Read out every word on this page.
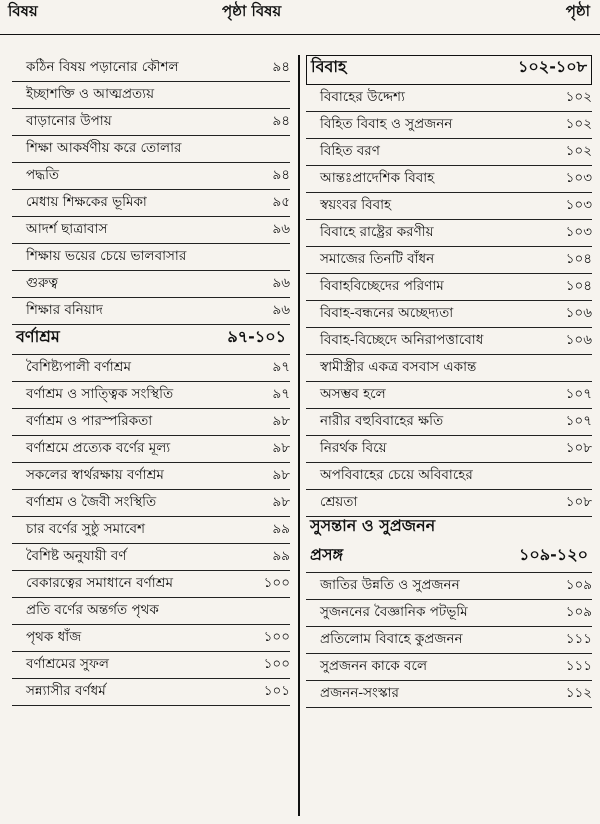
বিষয়	পৃষ্ঠা বিষয়	পৃষ্ঠা
কঠিন বিষয় পড়ানোর কৌশল	৯৪
ইচ্ছাশক্তি ও আত্মপ্রত্যয়
বাড়ানোর উপায়	৯৪
শিক্ষা আকর্ষণীয় করে তোলার
পদ্ধতি	৯৪
মেধায় শিক্ষকের ভূমিকা	৯৫
আদর্শ ছাত্রাবাস	৯৬
শিক্ষায় ভয়ের চেয়ে ভালবাসার
গুরুত্ব	৯৬
শিক্ষার বনিয়াদ	৯৬
বর্ণাশ্রম	৯৭-১০১
বৈশিষ্ট্যপালী বর্ণাশ্রম	৯৭
বর্ণাশ্রম ও সাত্ত্বিক সংস্থিতি	৯৭
বর্ণাশ্রম ও পারস্পরিকতা	৯৮
বর্ণাশ্রমে প্রত্যেক বর্ণের মূল্য	৯৮
সকলের স্বার্থরক্ষায় বর্ণাশ্রম	৯৮
বর্ণাশ্রম ও জৈবী সংস্থিতি	৯৮
চার বর্ণের সুষ্ঠু সমাবেশ	৯৯
বৈশিষ্ট অনুযায়ী বর্ণ	৯৯
বেকারত্বের সমাধানে বর্ণাশ্রম	১০০
প্রতি বর্ণের অন্তর্গত পৃথক
পৃথক ধাঁজ	১০০
বর্ণাশ্রমের সুফল	১০০
সন্ন্যাসীর বর্ণধর্ম	১০১
বিবাহ	১০২-১০৮
বিবাহের উদ্দেশ্য	১০২
বিহিত বিবাহ ও সুপ্রজনন	১০২
বিহিত বরণ	১০২
আন্তঃপ্রাদেশিক বিবাহ	১০৩
স্বয়ংবর বিবাহ	১০৩
বিবাহে রাষ্ট্রের করণীয়	১০৩
সমাজের তিনটি বাঁধন	১০৪
বিবাহবিচ্ছেদের পরিণাম	১০৪
বিবাহ-বন্ধনের অচ্ছেদ্যতা	১০৬
বিবাহ-বিচ্ছেদে অনিরাপত্তাবোধ	১০৬
স্বামীস্ত্রীর একত্র বসবাস একান্ত
অসম্ভব হলে	১০৭
নারীর বহুবিবাহের ক্ষতি	১০৭
নিরর্থক বিয়ে	১০৮
অপবিবাহের চেয়ে অবিবাহের
শ্রেয়তা	১০৮
সুসন্তান ও সুপ্রজনন
প্রসঙ্গ	১০৯-১২০
জাতির উন্নতি ও সুপ্রজনন	১০৯
সুজননের বৈজ্ঞানিক পটভূমি	১০৯
প্রতিলোম বিবাহে কুপ্রজনন	১১১
সুপ্রজনন কাকে বলে	১১১
প্রজনন-সংস্কার	১১২
